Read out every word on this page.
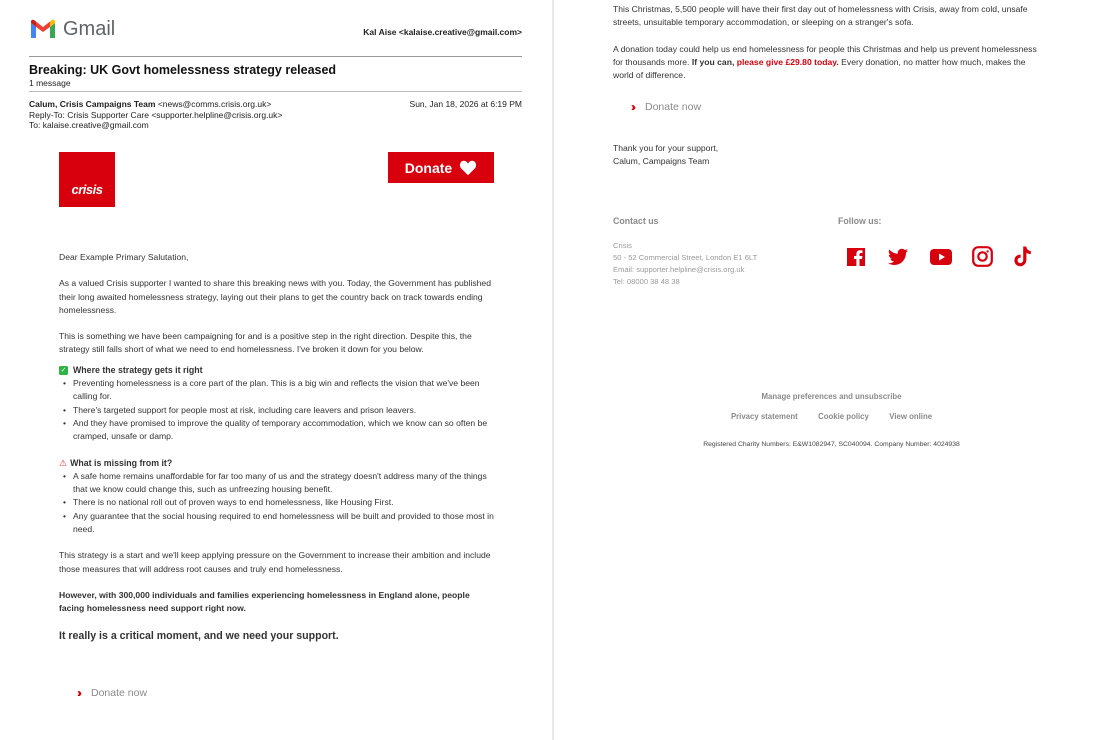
Gmail	Kal Aise <kalaise.creative@gmail.com>
Breaking: UK Govt homelessness strategy released
1 message
Calum, Crisis Campaigns Team <news@comms.crisis.org.uk>	Sun, Jan 18, 2026 at 6:19 PM
Reply-To: Crisis Supporter Care <supporter.helpline@crisis.org.uk>
To: kalaise.creative@gmail.com
crisis
Donate

Dear Example Primary Salutation,

As a valued Crisis supporter I wanted to share this breaking news with you. Today, the Government has published their long awaited homelessness strategy, laying out their plans to get the country back on track towards ending homelessness.

This is something we have been campaigning for and is a positive step in the right direction. Despite this, the strategy still falls short of what we need to end homelessness. I've broken it down for you below.

✓ Where the strategy gets it right
• Preventing homelessness is a core part of the plan. This is a big win and reflects the vision that we've been calling for.
• There's targeted support for people most at risk, including care leavers and prison leavers.
• And they have promised to improve the quality of temporary accommodation, which we know can so often be cramped, unsafe or damp.
⚠ What is missing from it?
• A safe home remains unaffordable for far too many of us and the strategy doesn't address many of the things that we know could change this, such as unfreezing housing benefit.
• There is no national roll out of proven ways to end homelessness, like Housing First.
• Any guarantee that the social housing required to end homelessness will be built and provided to those most in need.

This strategy is a start and we'll keep applying pressure on the Government to increase their ambition and include those measures that will address root causes and truly end homelessness.

However, with 300,000 individuals and families experiencing homelessness in England alone, people facing homelessness need support right now.

It really is a critical moment, and we need your support.

›› Donate now

This Christmas, 5,500 people will have their first day out of homelessness with Crisis, away from cold, unsafe streets, unsuitable temporary accommodation, or sleeping on a stranger's sofa.

A donation today could help us end homelessness for people this Christmas and help us prevent homelessness for thousands more. If you can, please give £29.80 today. Every donation, no matter how much, makes the world of difference.

›› Donate now

Thank you for your support,

Calum, Campaigns Team

Contact us
Crisis
50 - 52 Commercial Street, London E1 6LT
Email: supporter.helpline@crisis.org.uk
Tel: 08000 38 48 38
Follow us:
Manage preferences and unsubscribe
Privacy statement	Cookie policy	View online
Registered Charity Numbers: E&W1082947, SC040094. Company Number: 4024938
